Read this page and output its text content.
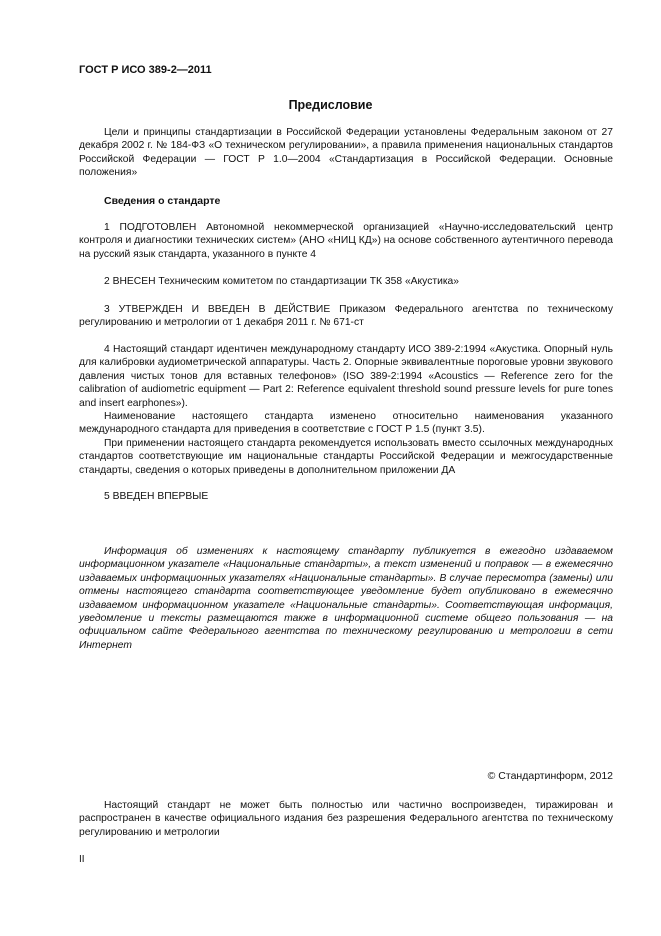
ГОСТ Р ИСО 389-2—2011
Предисловие
Цели и принципы стандартизации в Российской Федерации установлены Федеральным законом от 27 декабря 2002 г. № 184-ФЗ «О техническом регулировании», а правила применения национальных стандартов Российской Федерации — ГОСТ Р 1.0—2004 «Стандартизация в Российской Федерации. Основные положения»
Сведения о стандарте
1 ПОДГОТОВЛЕН Автономной некоммерческой организацией «Научно-исследовательский центр контроля и диагностики технических систем» (АНО «НИЦ КД») на основе собственного аутентичного перевода на русский язык стандарта, указанного в пункте 4
2 ВНЕСЕН Техническим комитетом по стандартизации ТК 358 «Акустика»
3 УТВЕРЖДЕН И ВВЕДЕН В ДЕЙСТВИЕ Приказом Федерального агентства по техническому регулированию и метрологии от 1 декабря 2011 г. № 671-ст
4 Настоящий стандарт идентичен международному стандарту ИСО 389-2:1994 «Акустика. Опорный нуль для калибровки аудиометрической аппаратуры. Часть 2. Опорные эквивалентные пороговые уровни звукового давления чистых тонов для вставных телефонов» (ISO 389-2:1994 «Acoustics — Reference zero for the calibration of audiometric equipment — Part 2: Reference equivalent threshold sound pressure levels for pure tones and insert earphones»).
Наименование настоящего стандарта изменено относительно наименования указанного международного стандарта для приведения в соответствие с ГОСТ Р 1.5 (пункт 3.5).
При применении настоящего стандарта рекомендуется использовать вместо ссылочных международных стандартов соответствующие им национальные стандарты Российской Федерации и межгосударственные стандарты, сведения о которых приведены в дополнительном приложении ДА
5 ВВЕДЕН ВПЕРВЫЕ
Информация об изменениях к настоящему стандарту публикуется в ежегодно издаваемом информационном указателе «Национальные стандарты», а текст изменений и поправок — в ежемесячно издаваемых информационных указателях «Национальные стандарты». В случае пересмотра (замены) или отмены настоящего стандарта соответствующее уведомление будет опубликовано в ежемесячно издаваемом информационном указателе «Национальные стандарты». Соответствующая информация, уведомление и тексты размещаются также в информационной системе общего пользования — на официальном сайте Федерального агентства по техническому регулированию и метрологии в сети Интернет
© Стандартинформ, 2012
Настоящий стандарт не может быть полностью или частично воспроизведен, тиражирован и распространен в качестве официального издания без разрешения Федерального агентства по техническому регулированию и метрологии
II
